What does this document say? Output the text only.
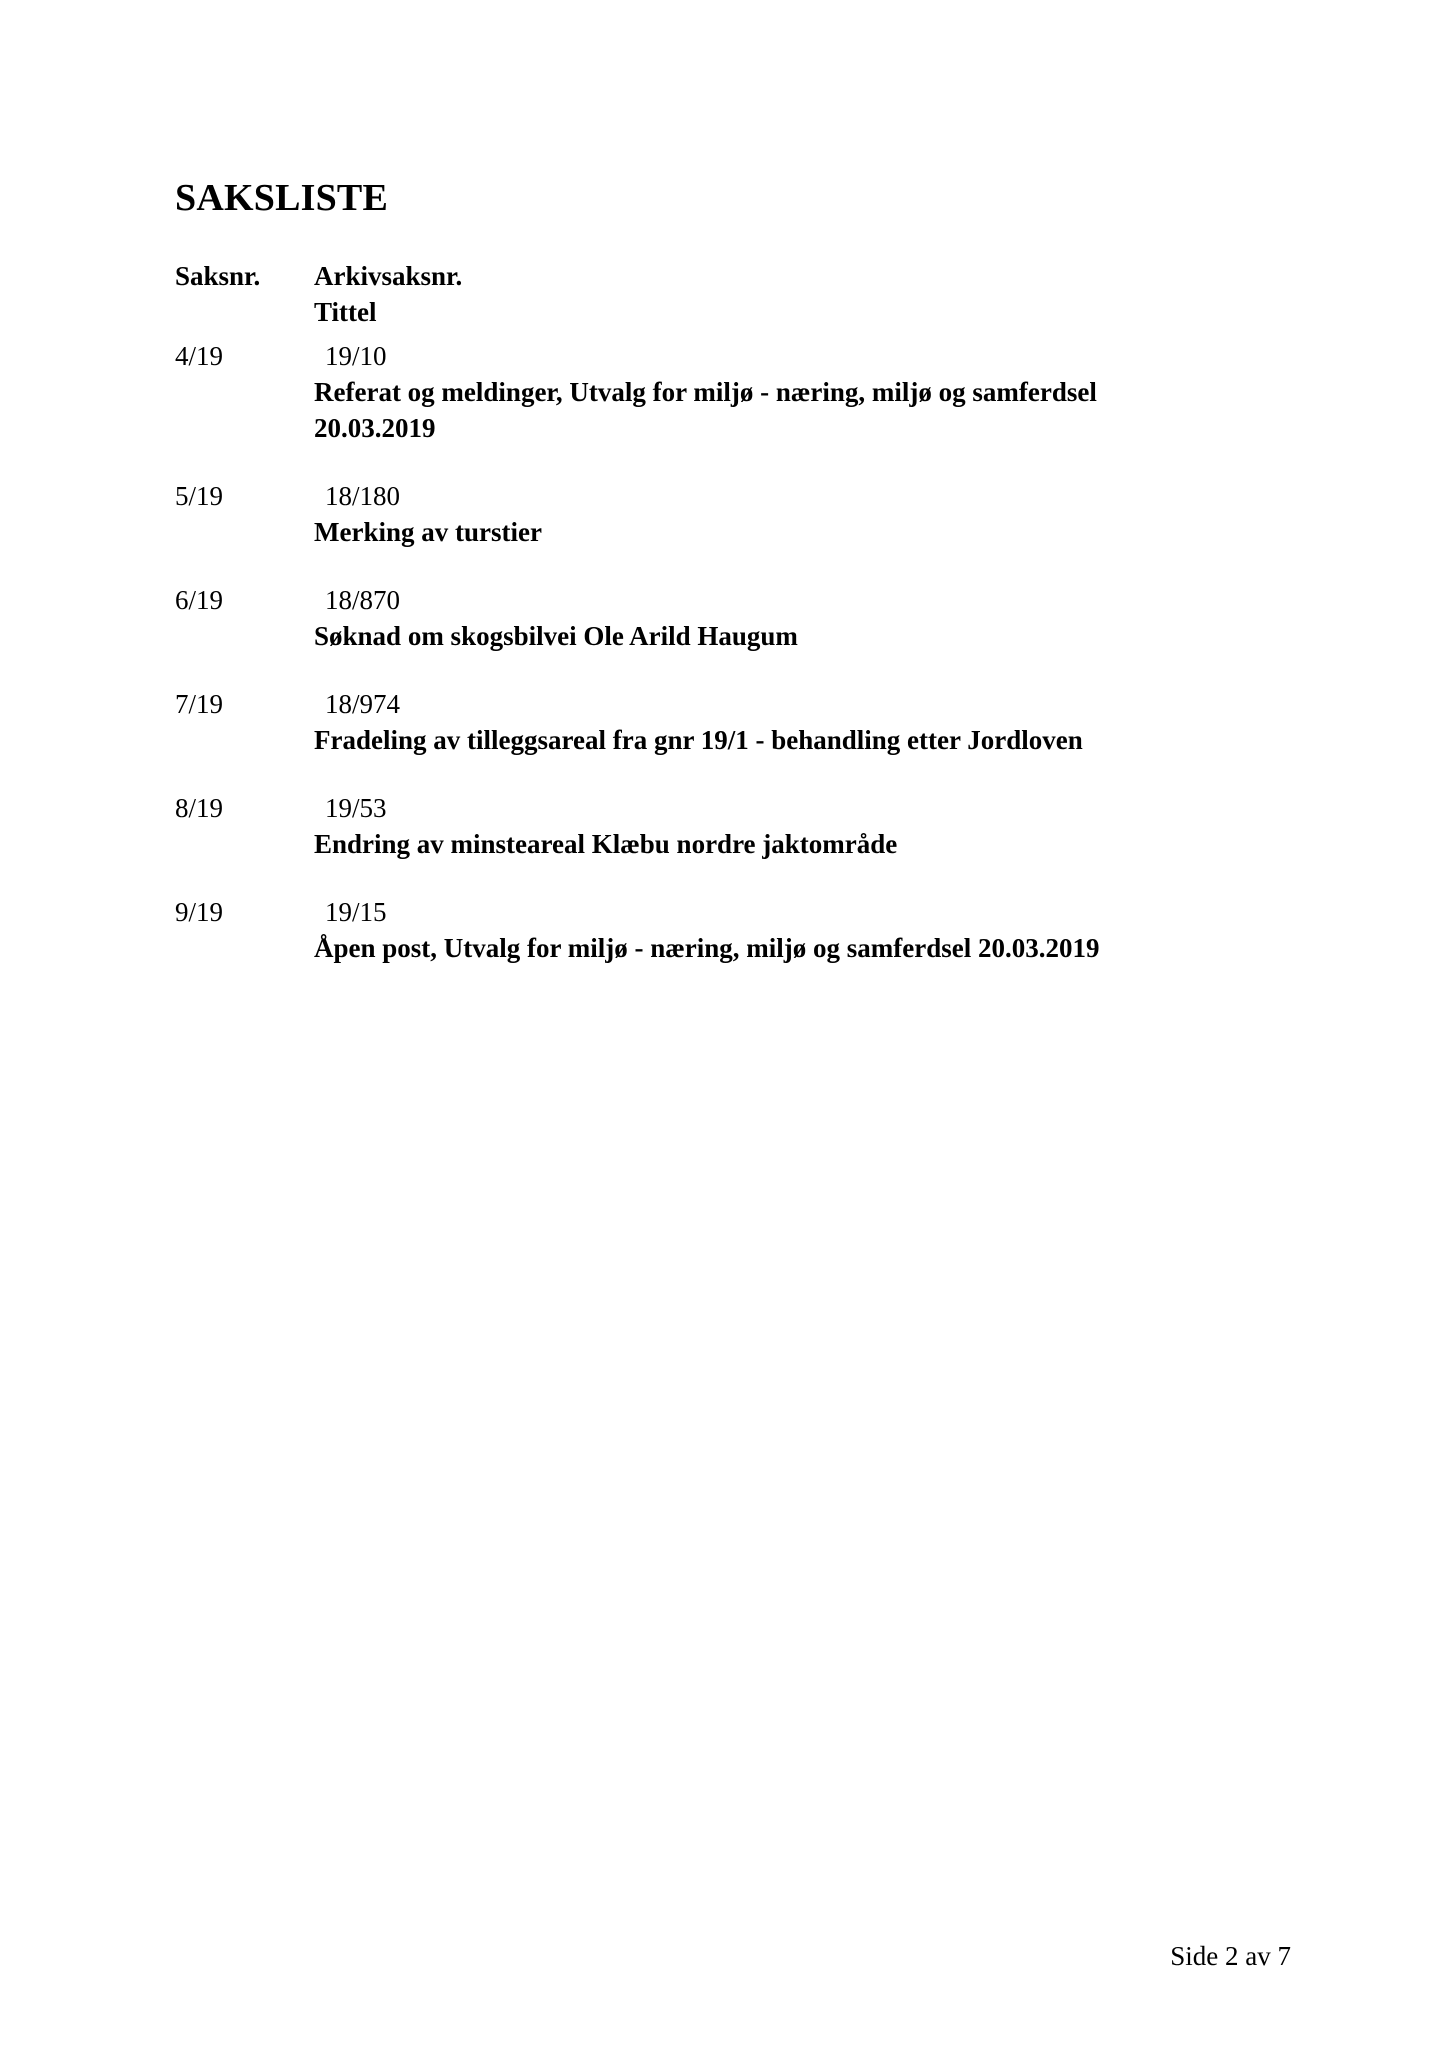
SAKSLISTE
Saksnr. Arkivsaksnr.
Tittel
4/19	19/10
Referat og meldinger, Utvalg for miljø - næring, miljø og samferdsel 20.03.2019
5/19	18/180
Merking av turstier
6/19	18/870
Søknad om skogsbilvei Ole Arild Haugum
7/19	18/974
Fradeling av tilleggsareal fra gnr 19/1 - behandling etter Jordloven
8/19	19/53
Endring av minsteareal Klæbu nordre jaktområde
9/19	19/15
Åpen post, Utvalg for miljø - næring, miljø og samferdsel 20.03.2019
Side 2 av 7
